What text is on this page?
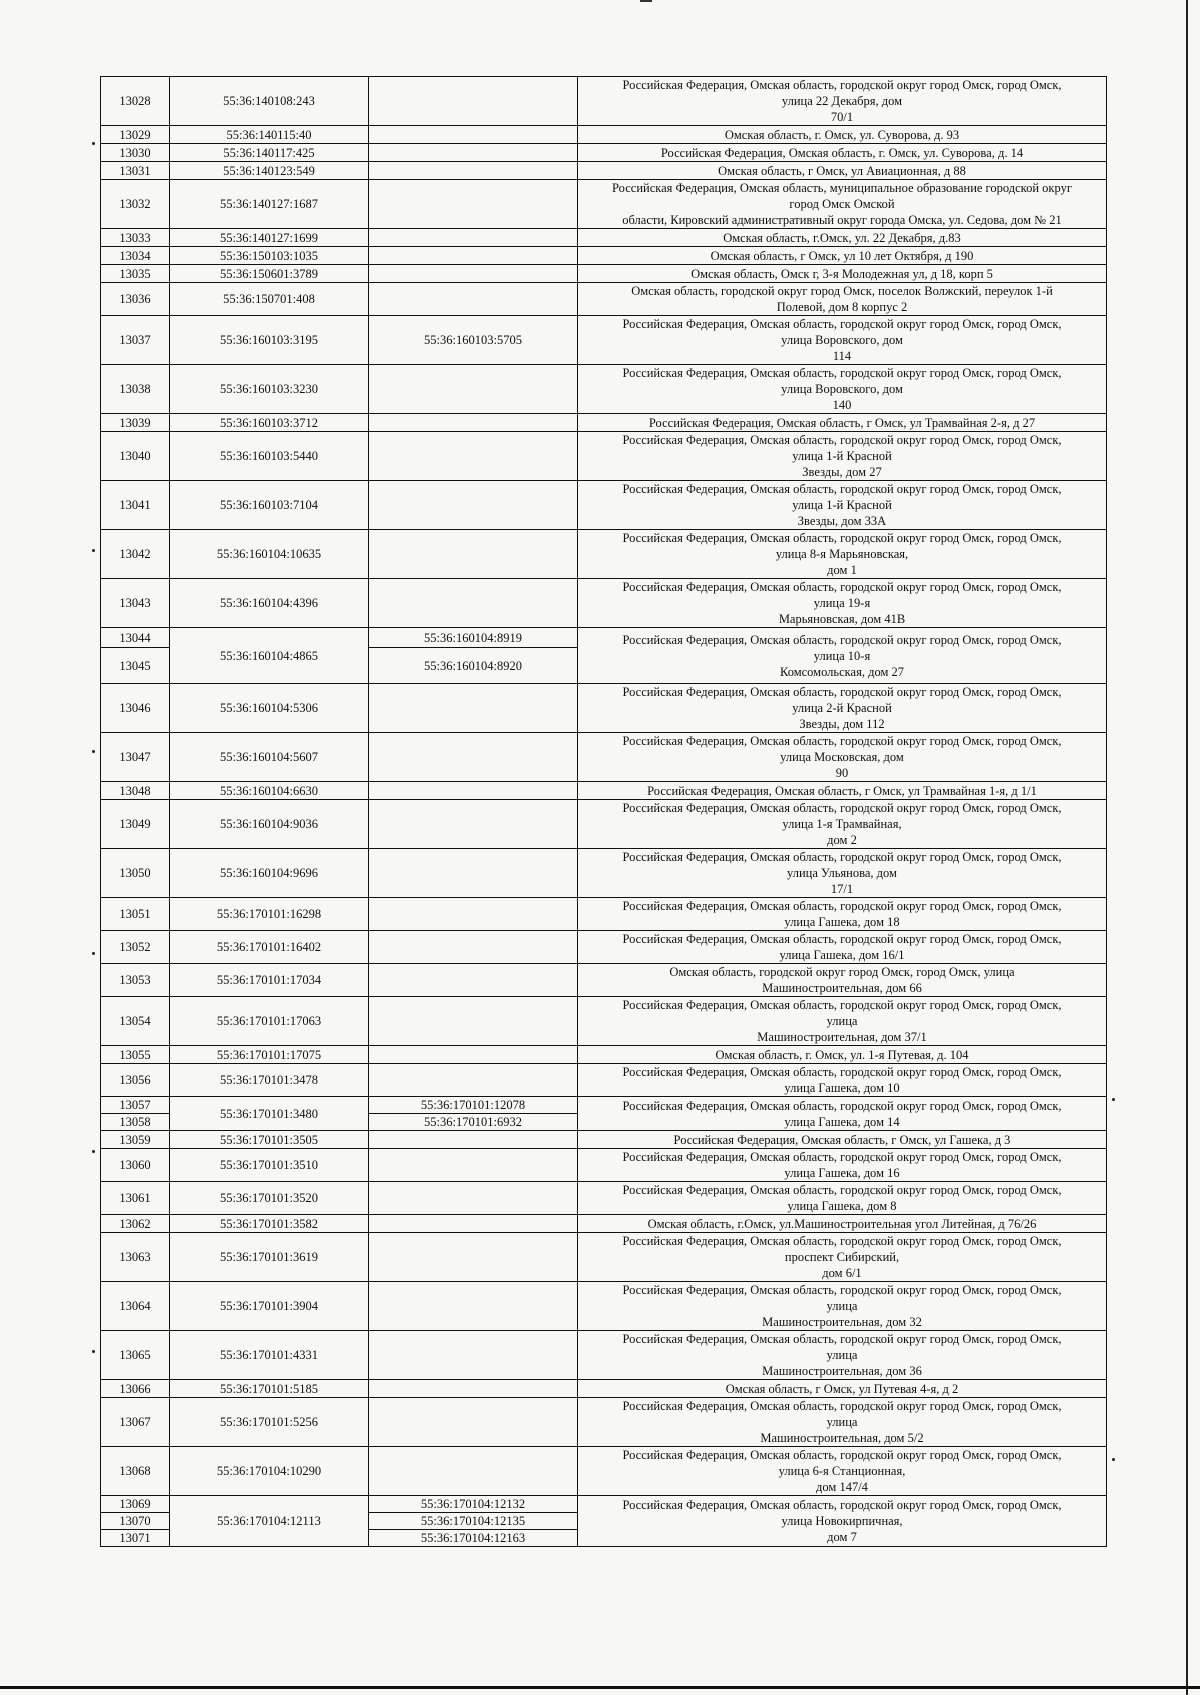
13028	55:36:140108:243		Российская Федерация, Омская область, городской округ город Омск, город Омск,
улица 22 Декабря, дом
70/1
13029	55:36:140115:40		Омская область, г. Омск, ул. Суворова, д. 93
13030	55:36:140117:425		Российская Федерация, Омская область, г. Омск, ул. Суворова, д. 14
13031	55:36:140123:549		Омская область, г Омск, ул Авиационная, д 88
13032	55:36:140127:1687		Российская Федерация, Омская область, муниципальное образование городской округ
город Омск Омской
области, Кировский административный округ города Омска, ул. Седова, дом № 21
13033	55:36:140127:1699		Омская область, г.Омск, ул. 22 Декабря, д.83
13034	55:36:150103:1035		Омская область, г Омск, ул 10 лет Октября, д 190
13035	55:36:150601:3789		Омская область, Омск г, 3-я Молодежная ул, д 18, корп 5
13036	55:36:150701:408		Омская область, городской округ город Омск, поселок Волжский, переулок 1-й
Полевой, дом 8 корпус 2
13037	55:36:160103:3195	55:36:160103:5705	Российская Федерация, Омская область, городской округ город Омск, город Омск,
улица Воровского, дом
114
13038	55:36:160103:3230		Российская Федерация, Омская область, городской округ город Омск, город Омск,
улица Воровского, дом
140
13039	55:36:160103:3712		Российская Федерация, Омская область, г Омск, ул Трамвайная 2-я, д 27
13040	55:36:160103:5440		Российская Федерация, Омская область, городской округ город Омск, город Омск,
улица 1-й Красной
Звезды, дом 27
13041	55:36:160103:7104		Российская Федерация, Омская область, городской округ город Омск, город Омск,
улица 1-й Красной
Звезды, дом 33А
13042	55:36:160104:10635		Российская Федерация, Омская область, городской округ город Омск, город Омск,
улица 8-я Марьяновская,
дом 1
13043	55:36:160104:4396		Российская Федерация, Омская область, городской округ город Омск, город Омск,
улица 19-я
Марьяновская, дом 41В
13044	55:36:160104:4865	55:36:160104:8919	Российская Федерация, Омская область, городской округ город Омск, город Омск,
улица 10-я
Комсомольская, дом 27
13045		55:36:160104:8920	
13046	55:36:160104:5306		Российская Федерация, Омская область, городской округ город Омск, город Омск,
улица 2-й Красной
Звезды, дом 112
13047	55:36:160104:5607		Российская Федерация, Омская область, городской округ город Омск, город Омск,
улица Московская, дом
90
13048	55:36:160104:6630		Российская Федерация, Омская область, г Омск, ул Трамвайная 1-я, д 1/1
13049	55:36:160104:9036		Российская Федерация, Омская область, городской округ город Омск, город Омск,
улица 1-я Трамвайная,
дом 2
13050	55:36:160104:9696		Российская Федерация, Омская область, городской округ город Омск, город Омск,
улица Ульянова, дом
17/1
13051	55:36:170101:16298		Российская Федерация, Омская область, городской округ город Омск, город Омск,
улица Гашека, дом 18
13052	55:36:170101:16402		Российская Федерация, Омская область, городской округ город Омск, город Омск,
улица Гашека, дом 16/1
13053	55:36:170101:17034		Омская область, городской округ город Омск, город Омск, улица
Машиностроительная, дом 66
13054	55:36:170101:17063		Российская Федерация, Омская область, городской округ город Омск, город Омск,
улица
Машиностроительная, дом 37/1
13055	55:36:170101:17075		Омская область, г. Омск, ул. 1-я Путевая, д. 104
13056	55:36:170101:3478		Российская Федерация, Омская область, городской округ город Омск, город Омск,
улица Гашека, дом 10
13057	55:36:170101:3480	55:36:170101:12078	Российская Федерация, Омская область, городской округ город Омск, город Омск,
улица Гашека, дом 14
13058		55:36:170101:6932	
13059	55:36:170101:3505		Российская Федерация, Омская область, г Омск, ул Гашека, д 3
13060	55:36:170101:3510		Российская Федерация, Омская область, городской округ город Омск, город Омск,
улица Гашека, дом 16
13061	55:36:170101:3520		Российская Федерация, Омская область, городской округ город Омск, город Омск,
улица Гашека, дом 8
13062	55:36:170101:3582		Омская область, г.Омск, ул.Машиностроительная угол Литейная, д 76/26
13063	55:36:170101:3619		Российская Федерация, Омская область, городской округ город Омск, город Омск,
проспект Сибирский,
дом 6/1
13064	55:36:170101:3904		Российская Федерация, Омская область, городской округ город Омск, город Омск,
улица
Машиностроительная, дом 32
13065	55:36:170101:4331		Российская Федерация, Омская область, городской округ город Омск, город Омск,
улица
Машиностроительная, дом 36
13066	55:36:170101:5185		Омская область, г Омск, ул Путевая 4-я, д 2
13067	55:36:170101:5256		Российская Федерация, Омская область, городской округ город Омск, город Омск,
улица
Машиностроительная, дом 5/2
13068	55:36:170104:10290		Российская Федерация, Омская область, городской округ город Омск, город Омск,
улица 6-я Станционная,
дом 147/4
13069	55:36:170104:12113	55:36:170104:12132	Российская Федерация, Омская область, городской округ город Омск, город Омск,
улица Новокирпичная,
дом 7
13070		55:36:170104:12135	
13071		55:36:170104:12163	
